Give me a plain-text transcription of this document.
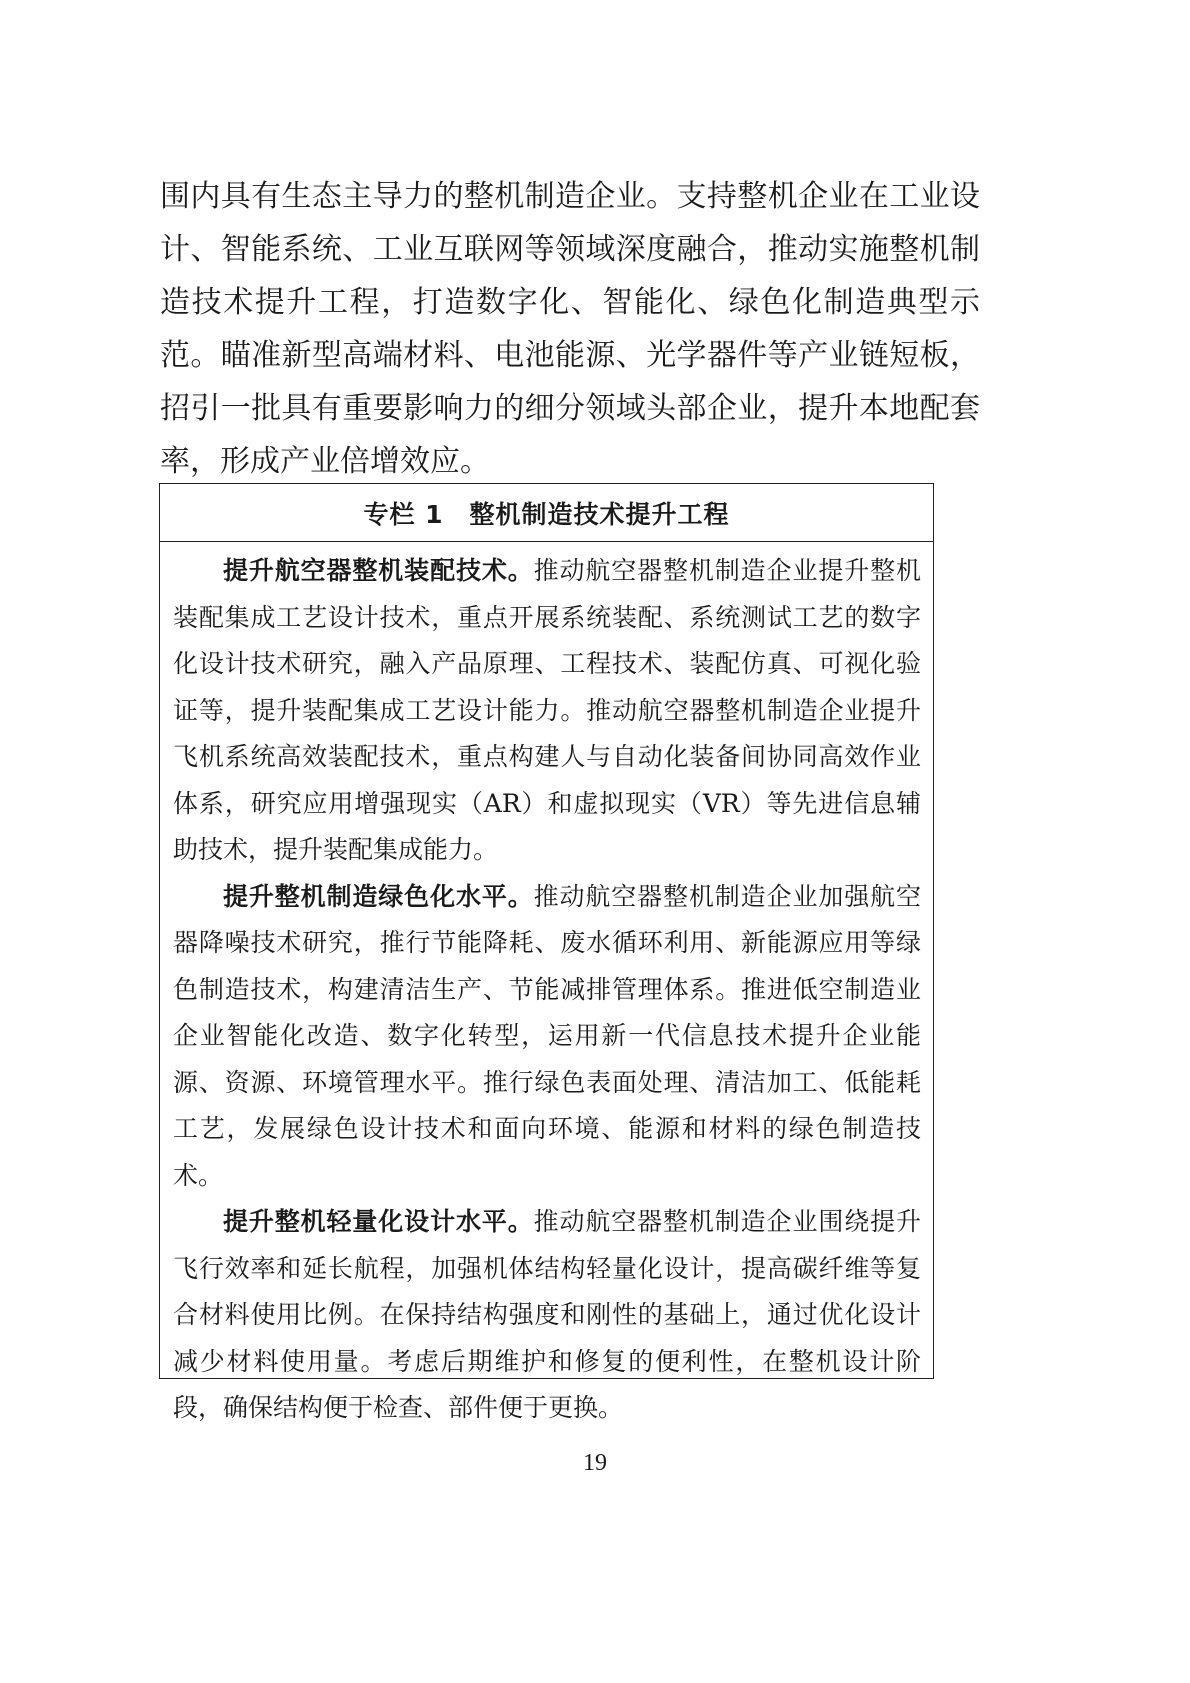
围内具有生态主导力的整机制造企业。支持整机企业在工业设计、智能系统、工业互联网等领域深度融合，推动实施整机制造技术提升工程，打造数字化、智能化、绿色化制造典型示范。瞄准新型高端材料、电池能源、光学器件等产业链短板，招引一批具有重要影响力的细分领域头部企业，提升本地配套率，形成产业倍增效应。

专栏 1 整机制造技术提升工程

提升航空器整机装配技术。推动航空器整机制造企业提升整机装配集成工艺设计技术，重点开展系统装配、系统测试工艺的数字化设计技术研究，融入产品原理、工程技术、装配仿真、可视化验证等，提升装配集成工艺设计能力。推动航空器整机制造企业提升飞机系统高效装配技术，重点构建人与自动化装备间协同高效作业体系，研究应用增强现实（AR）和虚拟现实（VR）等先进信息辅助技术，提升装配集成能力。

提升整机制造绿色化水平。推动航空器整机制造企业加强航空器降噪技术研究，推行节能降耗、废水循环利用、新能源应用等绿色制造技术，构建清洁生产、节能减排管理体系。推进低空制造业企业智能化改造、数字化转型，运用新一代信息技术提升企业能源、资源、环境管理水平。推行绿色表面处理、清洁加工、低能耗工艺，发展绿色设计技术和面向环境、能源和材料的绿色制造技术。

提升整机轻量化设计水平。推动航空器整机制造企业围绕提升飞行效率和延长航程，加强机体结构轻量化设计，提高碳纤维等复合材料使用比例。在保持结构强度和刚性的基础上，通过优化设计减少材料使用量。考虑后期维护和修复的便利性，在整机设计阶段，确保结构便于检查、部件便于更换。

19
